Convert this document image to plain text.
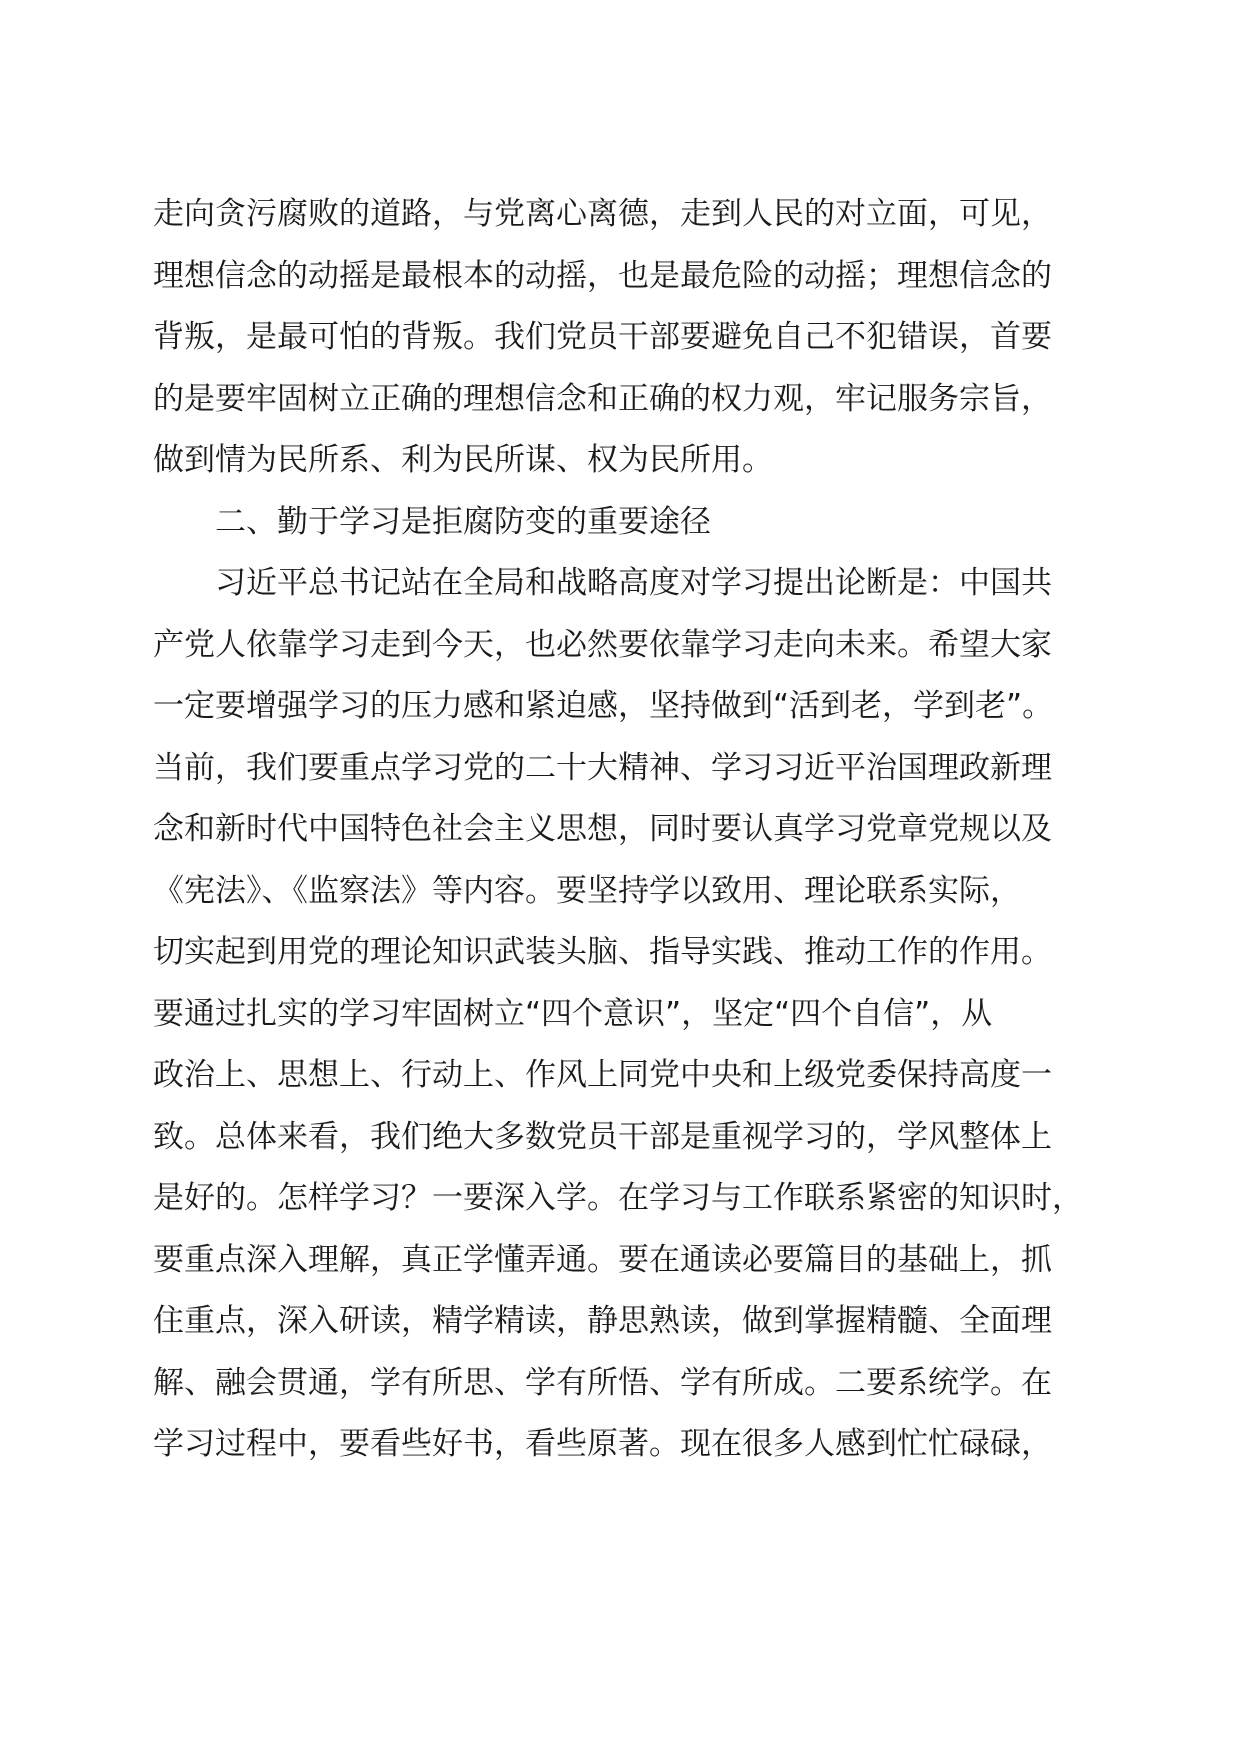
走向贪污腐败的道路，与党离心离德，走到人民的对立面，可见，
理想信念的动摇是最根本的动摇，也是最危险的动摇；理想信念的
背叛，是最可怕的背叛。我们党员干部要避免自己不犯错误，首要
的是要牢固树立正确的理想信念和正确的权力观，牢记服务宗旨，
做到情为民所系、利为民所谋、权为民所用。
二、勤于学习是拒腐防变的重要途径
习近平总书记站在全局和战略高度对学习提出论断是：中国共
产党人依靠学习走到今天，也必然要依靠学习走向未来。希望大家
一定要增强学习的压力感和紧迫感，坚持做到“活到老，学到老”。
当前，我们要重点学习党的二十大精神、学习习近平治国理政新理
念和新时代中国特色社会主义思想，同时要认真学习党章党规以及
《宪法》、《监察法》等内容。要坚持学以致用、理论联系实际，
切实起到用党的理论知识武装头脑、指导实践、推动工作的作用。
要通过扎实的学习牢固树立“四个意识”，坚定“四个自信”，从
政治上、思想上、行动上、作风上同党中央和上级党委保持高度一
致。总体来看，我们绝大多数党员干部是重视学习的，学风整体上
是好的。怎样学习？一要深入学。在学习与工作联系紧密的知识时，
要重点深入理解，真正学懂弄通。要在通读必要篇目的基础上，抓
住重点，深入研读，精学精读，静思熟读，做到掌握精髓、全面理
解、融会贯通，学有所思、学有所悟、学有所成。二要系统学。在
学习过程中，要看些好书，看些原著。现在很多人感到忙忙碌碌，
